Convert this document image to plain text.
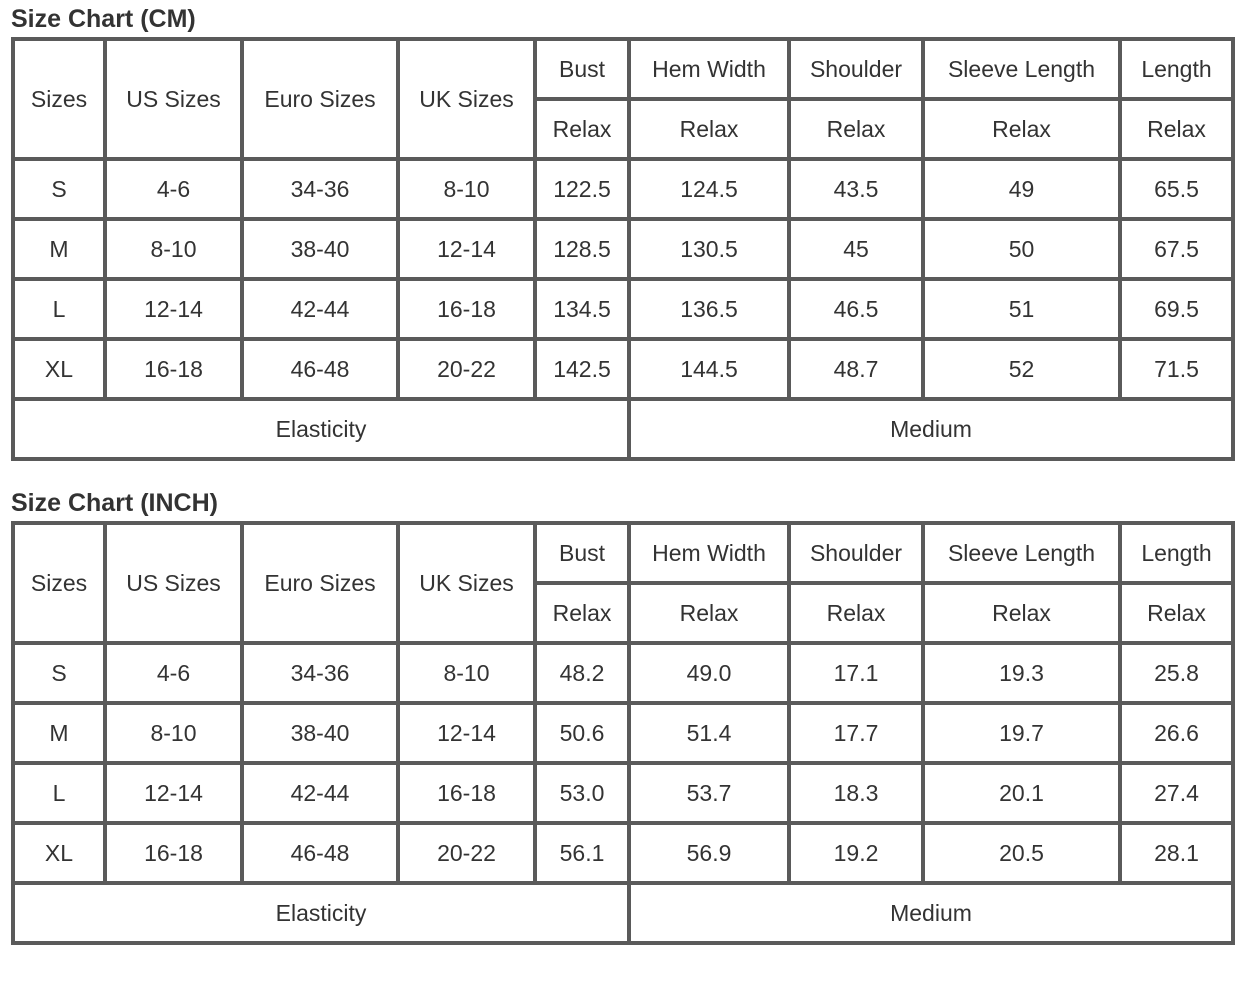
Size Chart (CM)
Sizes	US Sizes	Euro Sizes	UK Sizes	Bust	Hem Width	Shoulder	Sleeve Length	Length
				Relax	Relax	Relax	Relax	Relax
S	4-6	34-36	8-10	122.5	124.5	43.5	49	65.5
M	8-10	38-40	12-14	128.5	130.5	45	50	67.5
L	12-14	42-44	16-18	134.5	136.5	46.5	51	69.5
XL	16-18	46-48	20-22	142.5	144.5	48.7	52	71.5
Elasticity					Medium			
Size Chart (INCH)
Sizes	US Sizes	Euro Sizes	UK Sizes	Bust	Hem Width	Shoulder	Sleeve Length	Length
				Relax	Relax	Relax	Relax	Relax
S	4-6	34-36	8-10	48.2	49.0	17.1	19.3	25.8
M	8-10	38-40	12-14	50.6	51.4	17.7	19.7	26.6
L	12-14	42-44	16-18	53.0	53.7	18.3	20.1	27.4
XL	16-18	46-48	20-22	56.1	56.9	19.2	20.5	28.1
Elasticity					Medium			
